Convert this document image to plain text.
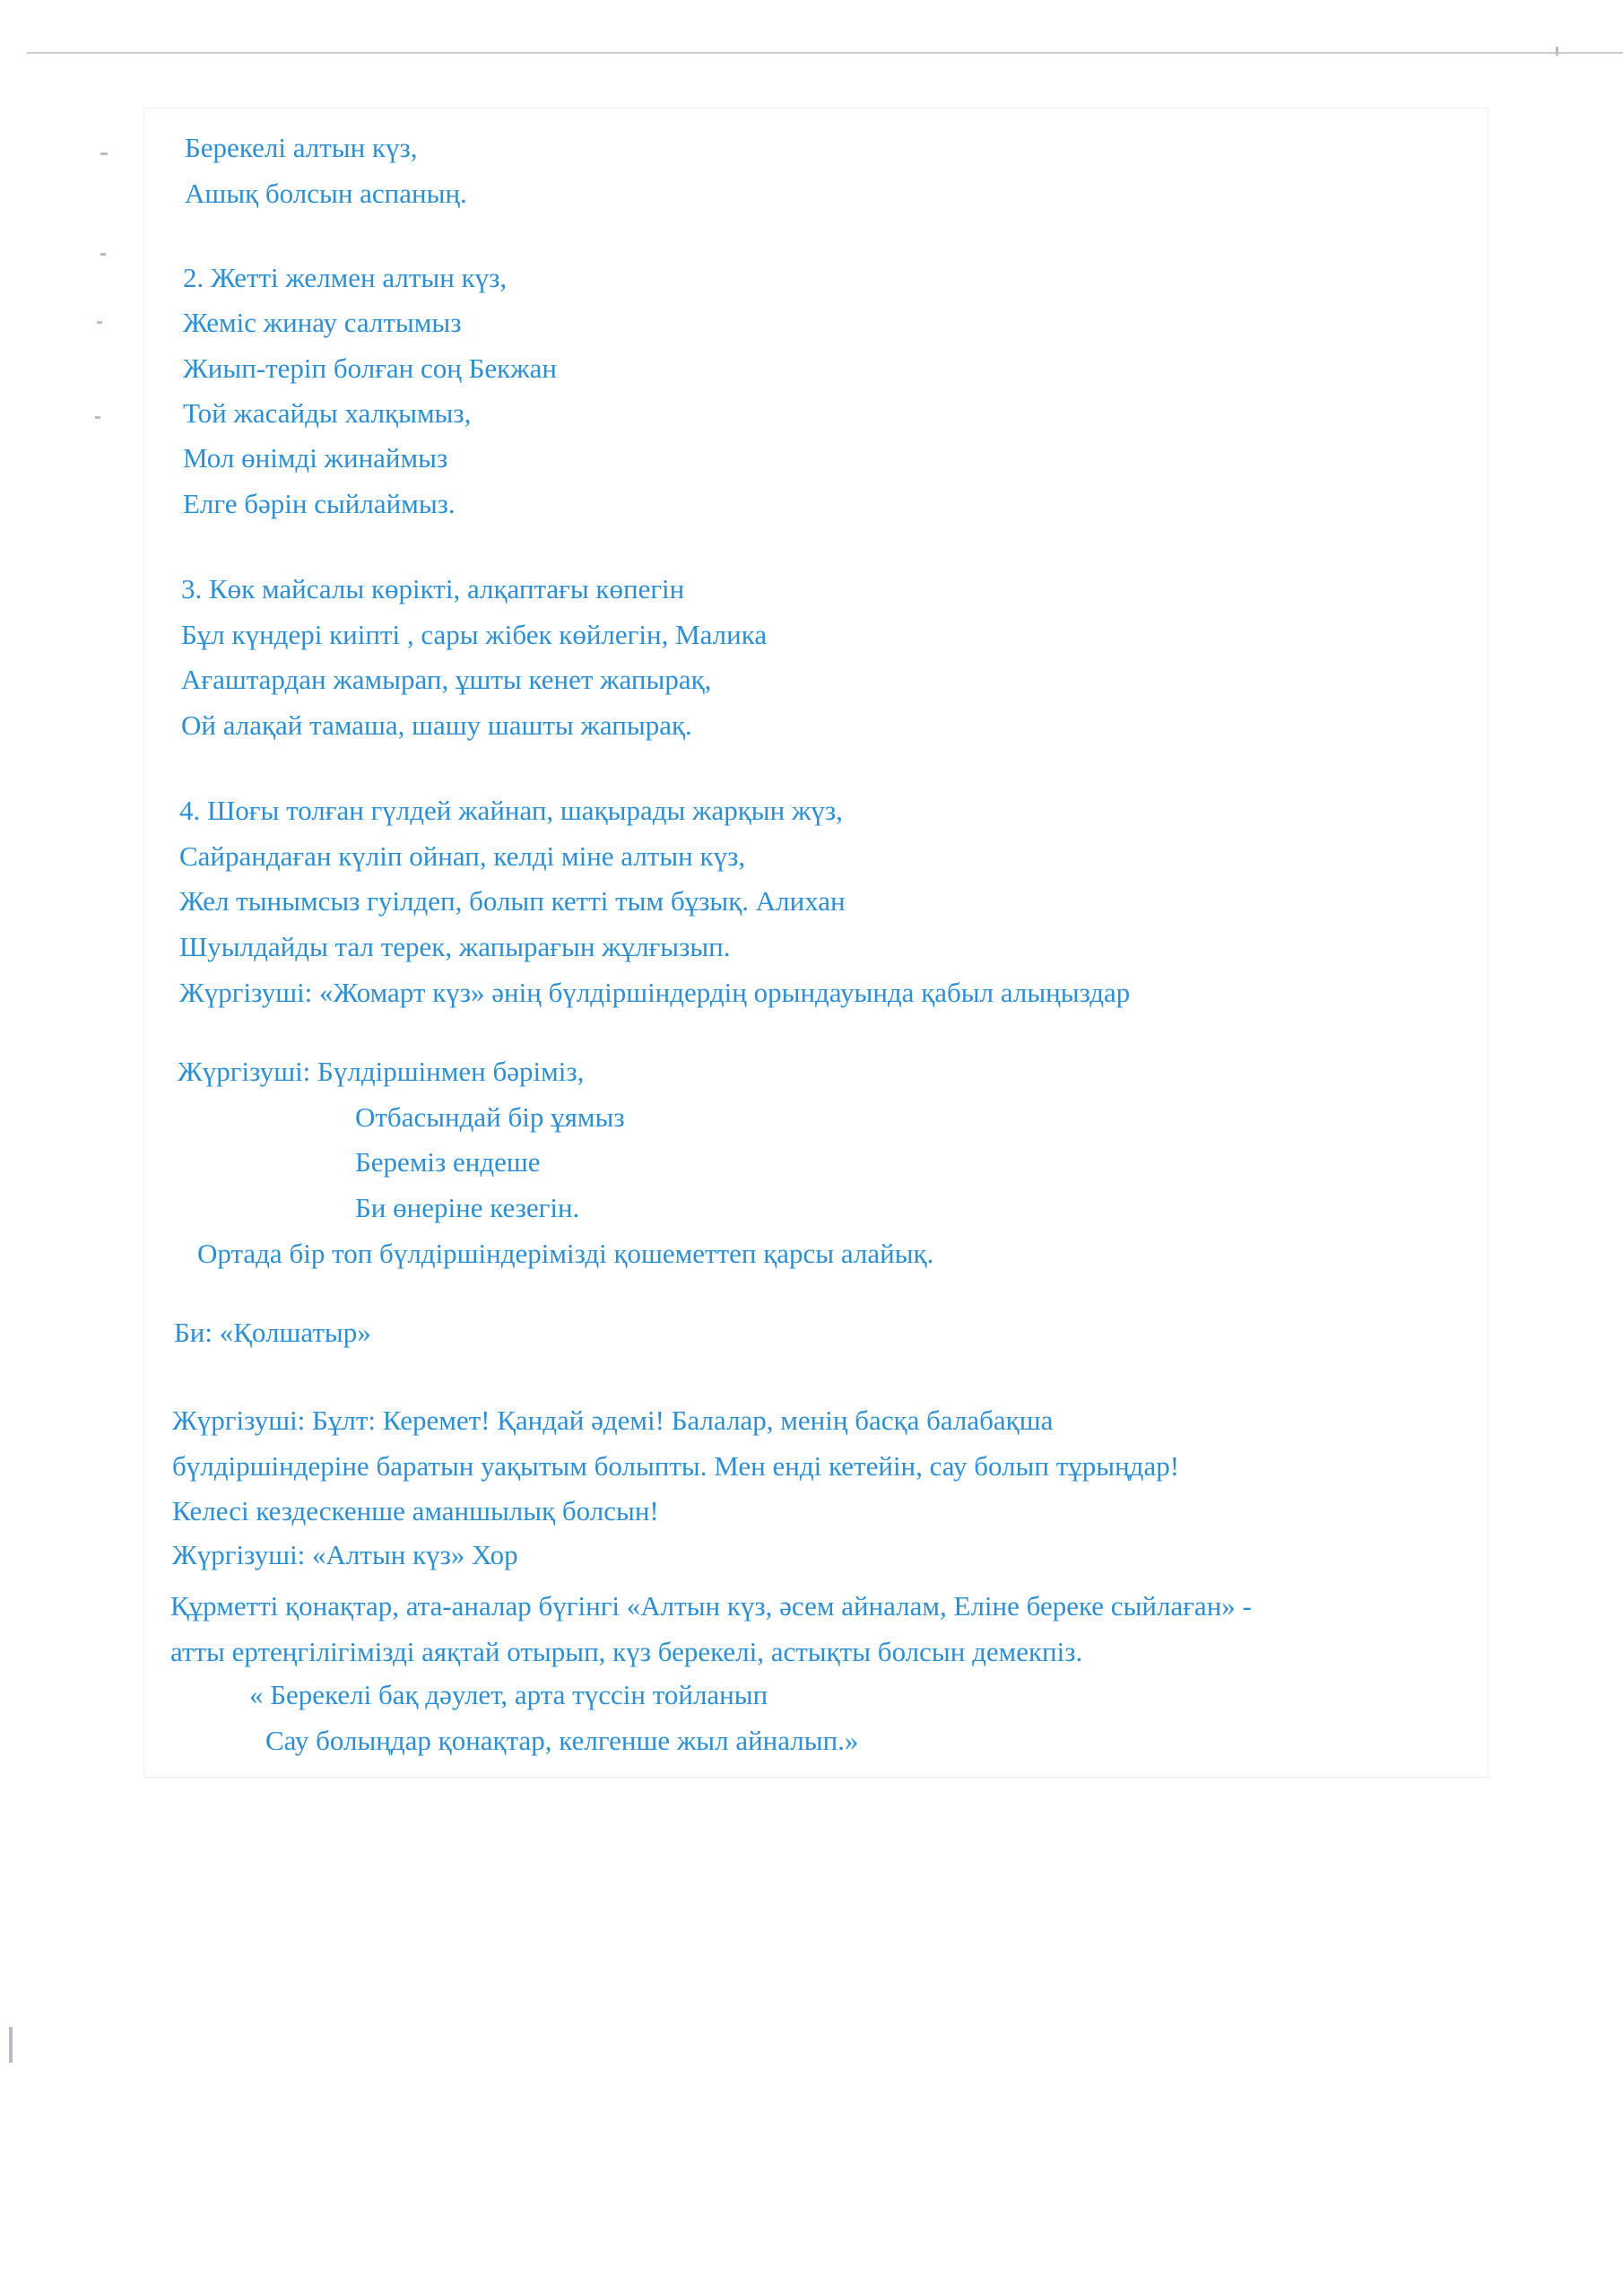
Берекелі алтын күз,
Ашық болсын аспаның.
2. Жетті желмен алтын күз,
Жеміс жинау салтымыз
Жиып-теріп болған соң Бекжан
Той жасайды халқымыз,
Мол өнімді жинаймыз
Елге бәрін сыйлаймыз.
3. Көк майсалы көрікті, алқаптағы көпегін
Бұл күндері киіпті , сары жібек көйлегін, Малика
Ағаштардан жамырап, ұшты кенет жапырақ,
Ой алақай тамаша, шашу шашты жапырақ.
4. Шоғы толған гүлдей жайнап, шақырады жарқын жүз,
Сайрандаған күліп ойнап, келді міне алтын күз,
Жел тынымсыз гуілдеп, болып кетті тым бұзық. Алихан
Шуылдайды тал терек, жапырағын жұлғызып.
Жүргізуші: «Жомарт күз» әнің бүлдіршіндердің орындауында қабыл алыңыздар
Жүргізуші: Бүлдіршінмен бәріміз,
Отбасындай бір ұямыз
Береміз ендеше
Би өнеріне кезегін.
Ортада бір топ бүлдіршіндерімізді қошеметтеп қарсы алайық.
Би: «Қолшатыр»
Жүргізуші: Бұлт: Керемет! Қандай әдемі! Балалар, менің басқа балабақша
бүлдіршіндеріне баратын уақытым болыпты. Мен енді кетейін, сау болып тұрыңдар!
Келесі кездескенше аманшылық болсын!
Жүргізуші: «Алтын күз» Хор
Құрметті қонақтар, ата-аналар бүгінгі «Алтын күз, әсем айналам, Еліне береке сыйлаған» -
атты ертеңгілігімізді аяқтай отырып, күз берекелі, астықты болсын демекпіз.
« Берекелі бақ дәулет, арта түссін тойланып
Сау болыңдар қонақтар, келгенше жыл айналып.»
